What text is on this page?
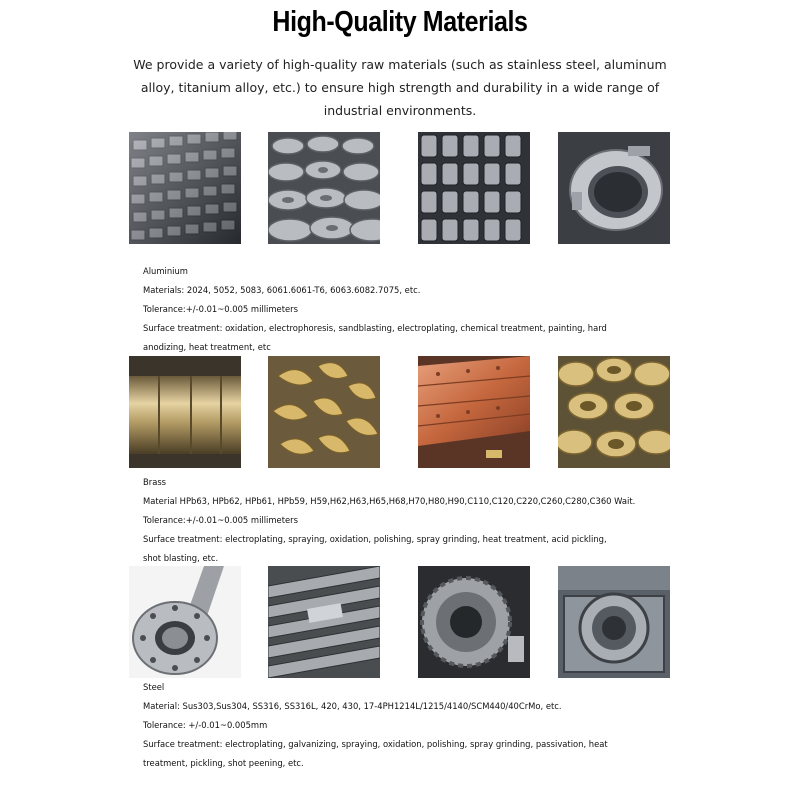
High-Quality Materials
We provide a variety of high-quality raw materials (such as stainless steel, aluminum alloy, titanium alloy, etc.) to ensure high strength and durability in a wide range of industrial environments.
Aluminium
Materials: 2024, 5052, 5083, 6061.6061-T6, 6063.6082.7075, etc.
Tolerance:+/-0.01~0.005 millimeters
Surface treatment: oxidation, electrophoresis, sandblasting, electroplating, chemical treatment, painting, hard anodizing, heat treatment, etc
Brass
Material HPb63, HPb62, HPb61, HPb59, H59,H62,H63,H65,H68,H70,H80,H90,C110,C120,C220,C260,C280,C360 Wait.
Tolerance:+/-0.01~0.005 millimeters
Surface treatment: electroplating, spraying, oxidation, polishing, spray grinding, heat treatment, acid pickling, shot blasting, etc.
Steel
Material: Sus303,Sus304, SS316, SS316L, 420, 430, 17-4PH1214L/1215/4140/SCM440/40CrMo, etc.
Tolerance: +/-0.01~0.005mm
Surface treatment: electroplating, galvanizing, spraying, oxidation, polishing, spray grinding, passivation, heat treatment, pickling, shot peening, etc.
